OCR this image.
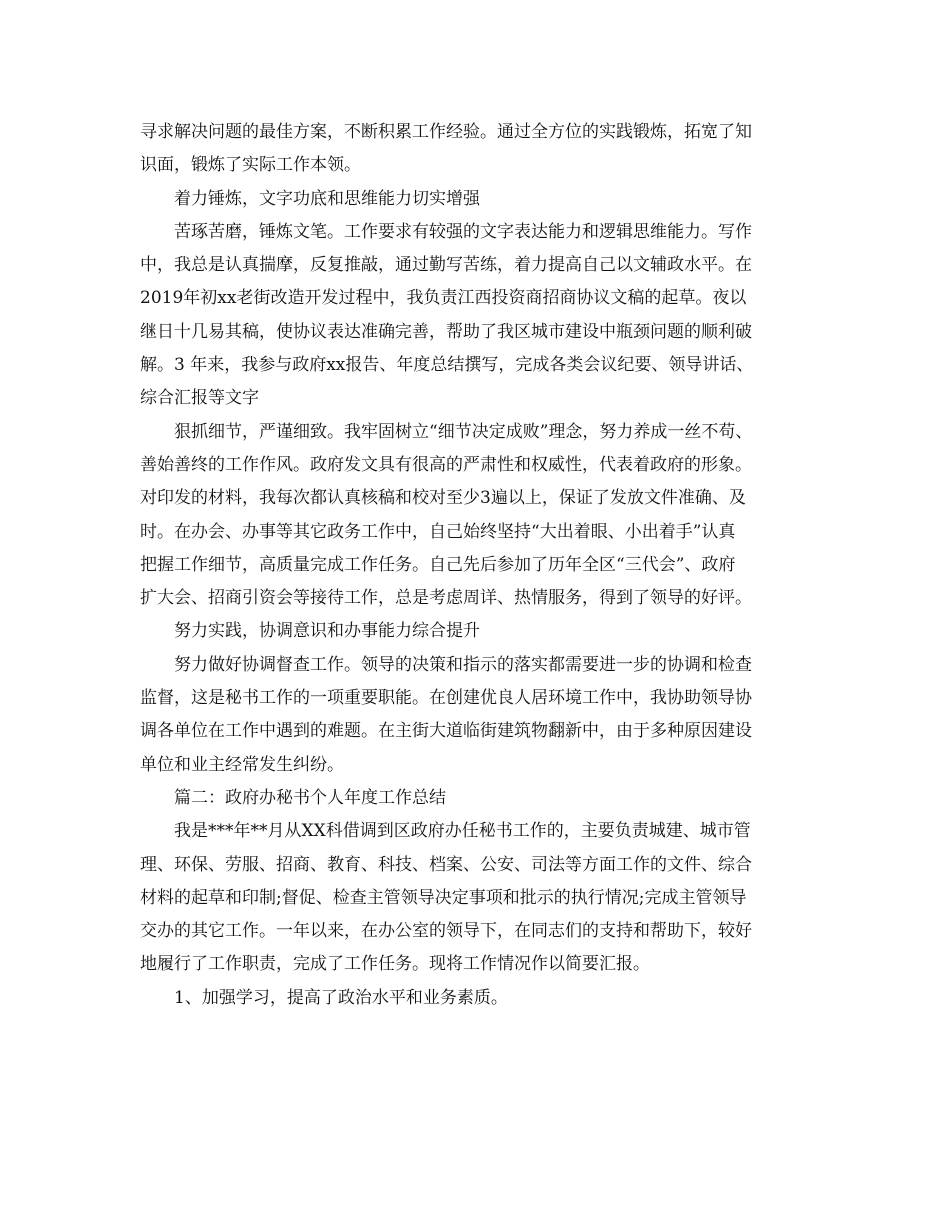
寻求解决问题的最佳方案，不断积累工作经验。通过全方位的实践锻炼，拓宽了知
识面，锻炼了实际工作本领。
着力锤炼，文字功底和思维能力切实增强
苦琢苦磨，锤炼文笔。工作要求有较强的文字表达能力和逻辑思维能力。写作
中，我总是认真揣摩，反复推敲，通过勤写苦练，着力提高自己以文辅政水平。在
2019年初xx老街改造开发过程中，我负责江西投资商招商协议文稿的起草。夜以
继日十几易其稿，使协议表达准确完善，帮助了我区城市建设中瓶颈问题的顺利破
解。3 年来，我参与政府xx报告、年度总结撰写，完成各类会议纪要、领导讲话、
综合汇报等文字
狠抓细节，严谨细致。我牢固树立“细节决定成败”理念，努力养成一丝不苟、
善始善终的工作作风。政府发文具有很高的严肃性和权威性，代表着政府的形象。
对印发的材料，我每次都认真核稿和校对至少3遍以上，保证了发放文件准确、及
时。在办会、办事等其它政务工作中，自己始终坚持“大出着眼、小出着手”认真
把握工作细节，高质量完成工作任务。自己先后参加了历年全区“三代会”、政府
扩大会、招商引资会等接待工作，总是考虑周详、热情服务，得到了领导的好评。
努力实践，协调意识和办事能力综合提升
努力做好协调督查工作。领导的决策和指示的落实都需要进一步的协调和检查
监督，这是秘书工作的一项重要职能。在创建优良人居环境工作中，我协助领导协
调各单位在工作中遇到的难题。在主街大道临街建筑物翻新中，由于多种原因建设
单位和业主经常发生纠纷。
篇二：政府办秘书个人年度工作总结
我是***年**月从XX科借调到区政府办任秘书工作的，主要负责城建、城市管
理、环保、劳服、招商、教育、科技、档案、公安、司法等方面工作的文件、综合
材料的起草和印制;督促、检查主管领导决定事项和批示的执行情况;完成主管领导
交办的其它工作。一年以来，在办公室的领导下，在同志们的支持和帮助下，较好
地履行了工作职责，完成了工作任务。现将工作情况作以简要汇报。
1、加强学习，提高了政治水平和业务素质。
